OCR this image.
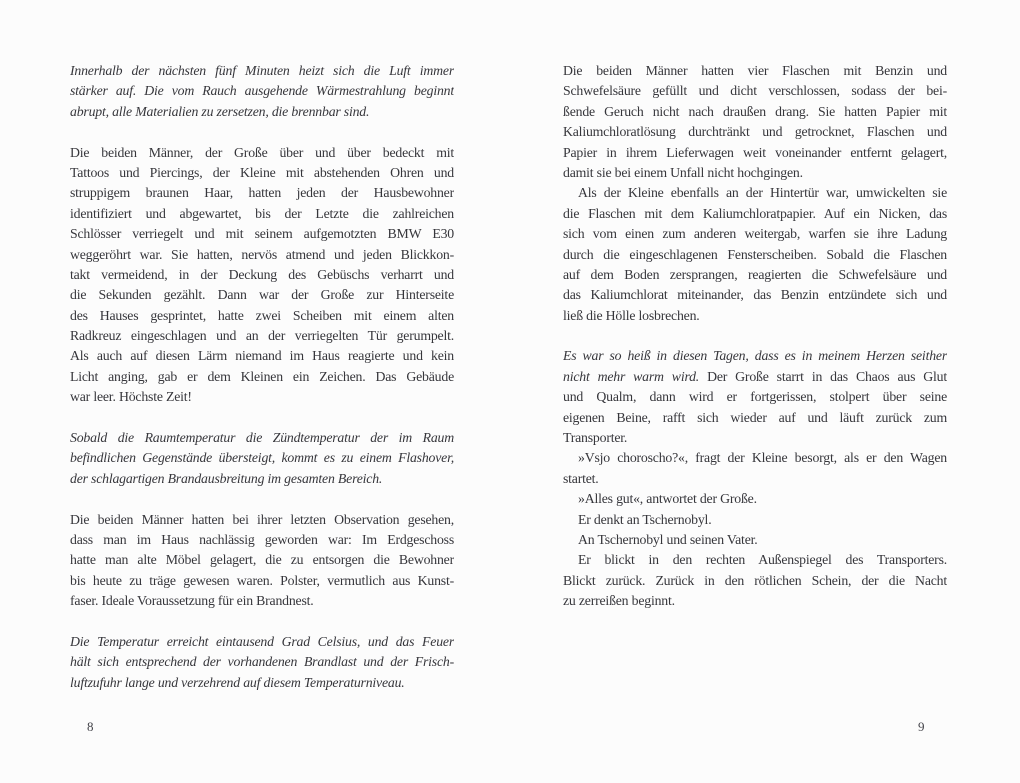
Innerhalb der nächsten fünf Minuten heizt sich die Luft immer
stärker auf. Die vom Rauch ausgehende Wärmestrahlung beginnt
abrupt, alle Materialien zu zersetzen, die brennbar sind.
Die beiden Männer, der Große über und über bedeckt mit
Tattoos und Piercings, der Kleine mit abstehenden Ohren und
struppigem braunen Haar, hatten jeden der Hausbewohner
identifiziert und abgewartet, bis der Letzte die zahlreichen
Schlösser verriegelt und mit seinem aufgemotzten BMW E30
weggeröhrt war. Sie hatten, nervös atmend und jeden Blickkon-
takt vermeidend, in der Deckung des Gebüschs verharrt und
die Sekunden gezählt. Dann war der Große zur Hinterseite
des Hauses gesprintet, hatte zwei Scheiben mit einem alten
Radkreuz eingeschlagen und an der verriegelten Tür gerumpelt.
Als auch auf diesen Lärm niemand im Haus reagierte und kein
Licht anging, gab er dem Kleinen ein Zeichen. Das Gebäude
war leer. Höchste Zeit!
Sobald die Raumtemperatur die Zündtemperatur der im Raum
befindlichen Gegenstände übersteigt, kommt es zu einem Flashover,
der schlagartigen Brandausbreitung im gesamten Bereich.
Die beiden Männer hatten bei ihrer letzten Observation gesehen,
dass man im Haus nachlässig geworden war: Im Erdgeschoss
hatte man alte Möbel gelagert, die zu entsorgen die Bewohner
bis heute zu träge gewesen waren. Polster, vermutlich aus Kunst-
faser. Ideale Voraussetzung für ein Brandnest.
Die Temperatur erreicht eintausend Grad Celsius, und das Feuer
hält sich entsprechend der vorhandenen Brandlast und der Frisch-
luftzufuhr lange und verzehrend auf diesem Temperaturniveau.
8
Die beiden Männer hatten vier Flaschen mit Benzin und
Schwefelsäure gefüllt und dicht verschlossen, sodass der bei-
ßende Geruch nicht nach draußen drang. Sie hatten Papier mit
Kaliumchloratlösung durchtränkt und getrocknet, Flaschen und
Papier in ihrem Lieferwagen weit voneinander entfernt gelagert,
damit sie bei einem Unfall nicht hochgingen.
Als der Kleine ebenfalls an der Hintertür war, umwickelten sie
die Flaschen mit dem Kaliumchloratpapier. Auf ein Nicken, das
sich vom einen zum anderen weitergab, warfen sie ihre Ladung
durch die eingeschlagenen Fensterscheiben. Sobald die Flaschen
auf dem Boden zersprangen, reagierten die Schwefelsäure und
das Kaliumchlorat miteinander, das Benzin entzündete sich und
ließ die Hölle losbrechen.
Es war so heiß in diesen Tagen, dass es in meinem Herzen seither
nicht mehr warm wird. Der Große starrt in das Chaos aus Glut
und Qualm, dann wird er fortgerissen, stolpert über seine
eigenen Beine, rafft sich wieder auf und läuft zurück zum
Transporter.
»Vsjo choroscho?«, fragt der Kleine besorgt, als er den Wagen
startet.
»Alles gut«, antwortet der Große.
Er denkt an Tschernobyl.
An Tschernobyl und seinen Vater.
Er blickt in den rechten Außenspiegel des Transporters.
Blickt zurück. Zurück in den rötlichen Schein, der die Nacht
zu zerreißen beginnt.
9
